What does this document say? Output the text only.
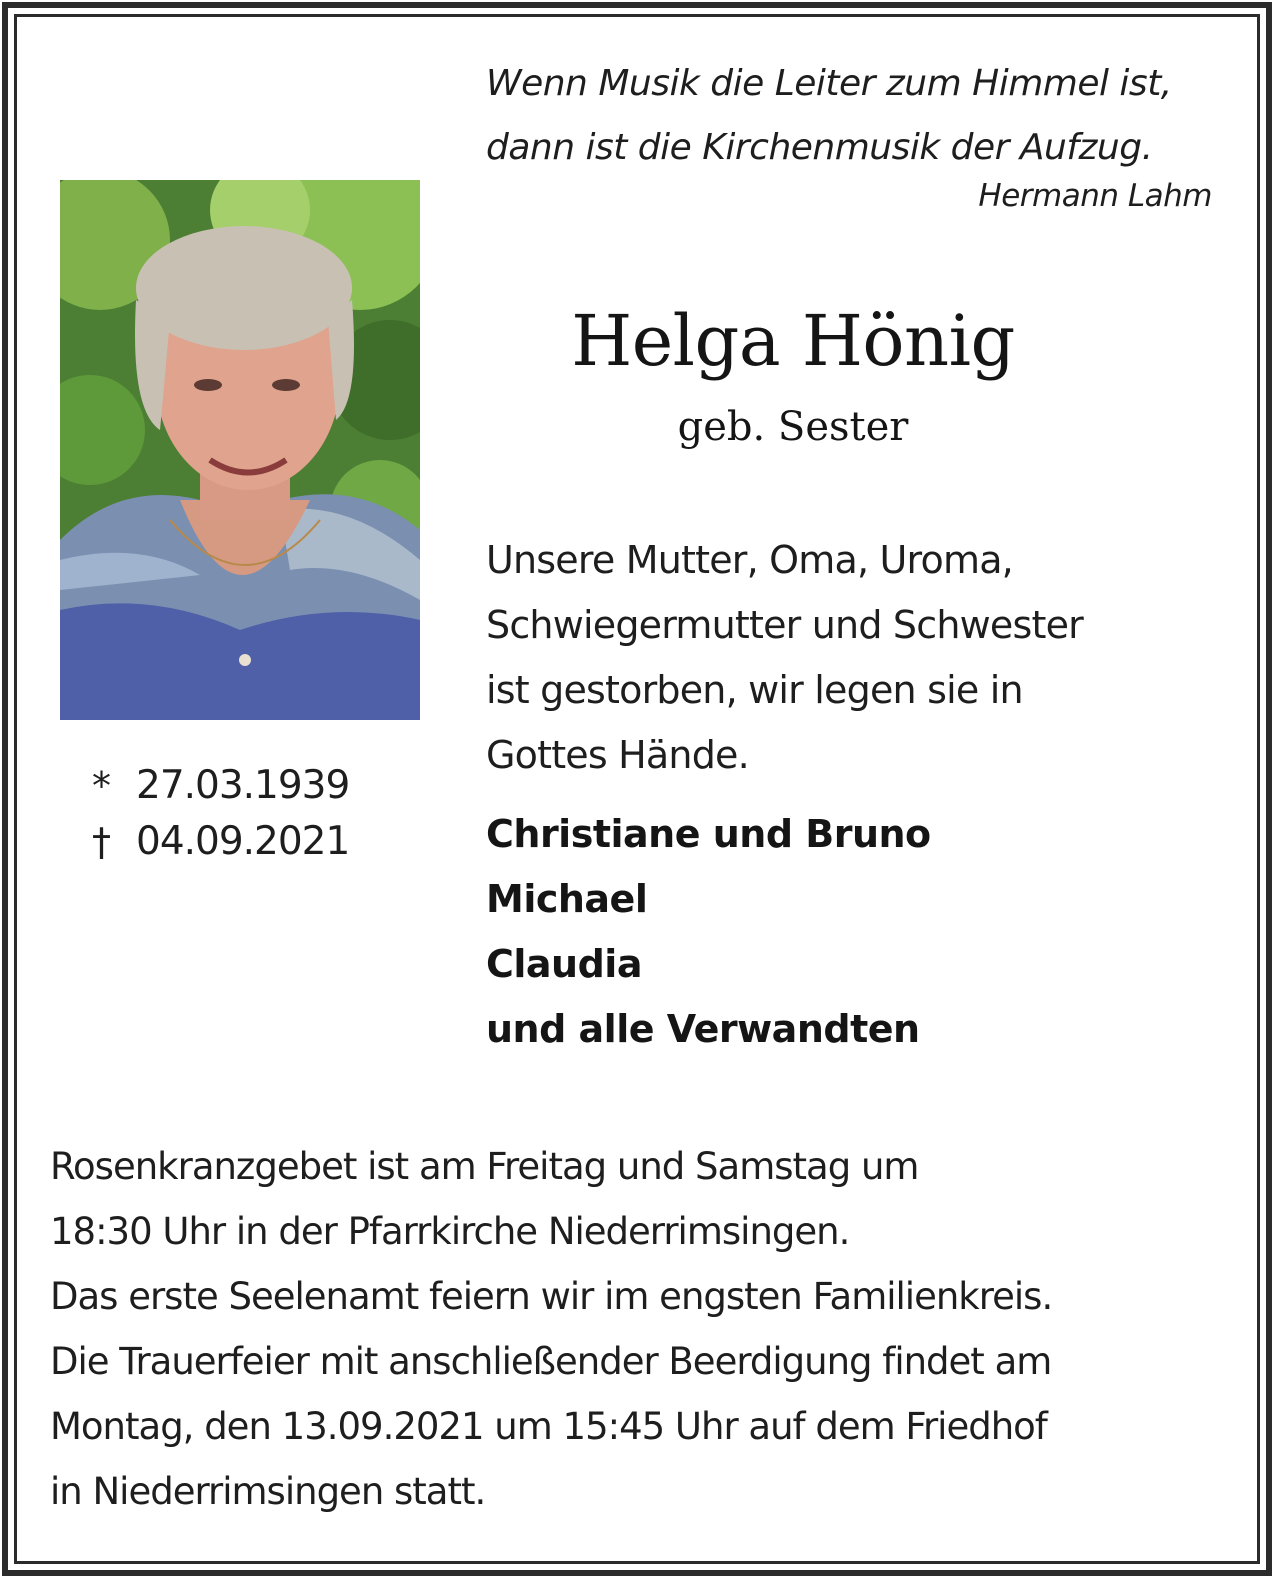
Wenn Musik die Leiter zum Himmel ist,
dann ist die Kirchenmusik der Aufzug.
Hermann Lahm
Helga Hönig
geb. Sester
* 27.03.1939
† 04.09.2021
Unsere Mutter, Oma, Uroma,
Schwiegermutter und Schwester
ist gestorben, wir legen sie in
Gottes Hände.
Christiane und Bruno
Michael
Claudia
und alle Verwandten
Rosenkranzgebet ist am Freitag und Samstag um
18:30 Uhr in der Pfarrkirche Niederrimsingen.
Das erste Seelenamt feiern wir im engsten Familienkreis.
Die Trauerfeier mit anschließender Beerdigung findet am
Montag, den 13.09.2021 um 15:45 Uhr auf dem Friedhof
in Niederrimsingen statt.
